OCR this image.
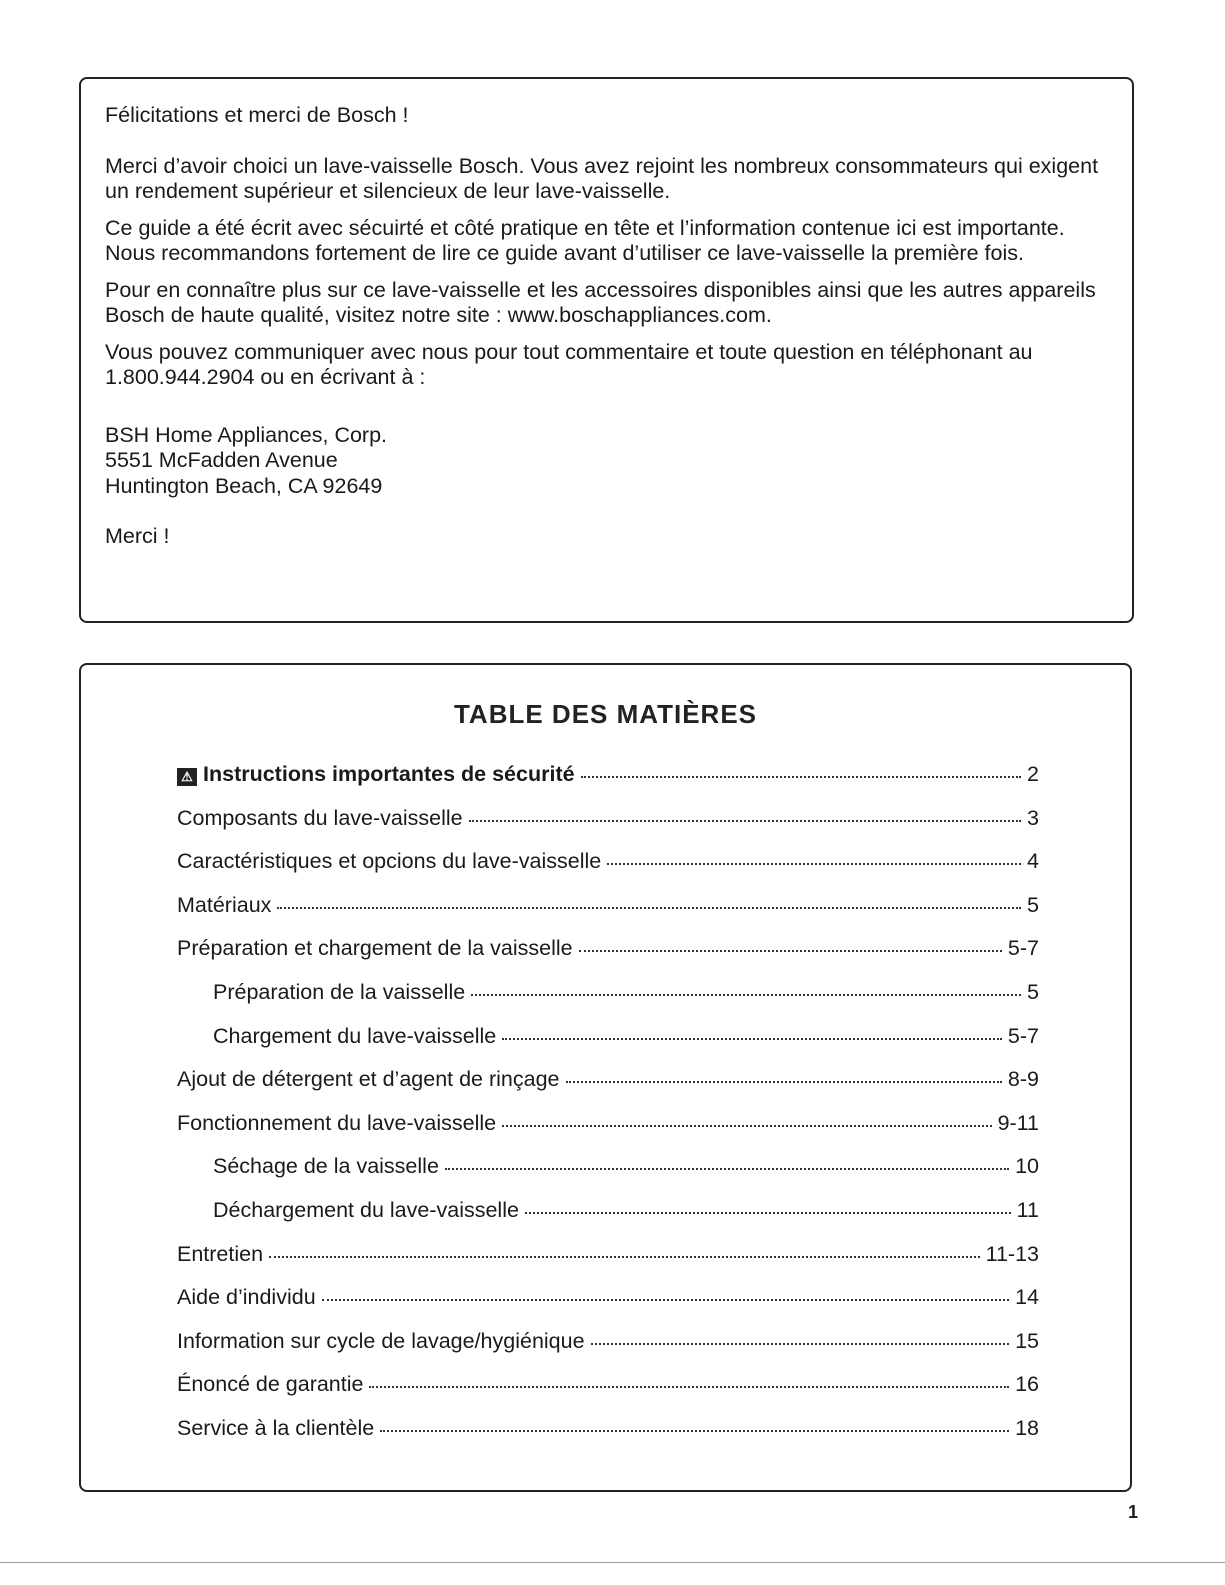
Félicitations et merci de Bosch !

Merci d’avoir choici un lave-vaisselle Bosch. Vous avez rejoint les nombreux consommateurs qui exigent un rendement supérieur et silencieux de leur lave-vaisselle.

Ce guide a été écrit avec sécuirté et côté pratique en tête et l’information contenue ici est importante. Nous recommandons fortement de lire ce guide avant d’utiliser ce lave-vaisselle la première fois.

Pour en connaître plus sur ce lave-vaisselle et les accessoires disponibles ainsi que les autres appareils Bosch de haute qualité, visitez notre site : www.boschappliances.com.

Vous pouvez communiquer avec nous pour tout commentaire et toute question en téléphonant au 1.800.944.2904 ou en écrivant à :

BSH Home Appliances, Corp.
5551 McFadden Avenue
Huntington Beach, CA 92649

Merci !

TABLE DES MATIÈRES
⚠ Instructions importantes de sécurité	2
Composants du lave-vaisselle	3
Caractéristiques et opcions du lave-vaisselle	4
Matériaux	5
Préparation et chargement de la vaisselle	5-7
Préparation de la vaisselle	5
Chargement du lave-vaisselle	5-7
Ajout de détergent et d’agent de rinçage	8-9
Fonctionnement du lave-vaisselle	9-11
Séchage de la vaisselle	10
Déchargement du lave-vaisselle	11
Entretien	11-13
Aide d’individu	14
Information sur cycle de lavage/hygiénique	15
Énoncé de garantie	16
Service à la clientèle	18
1
